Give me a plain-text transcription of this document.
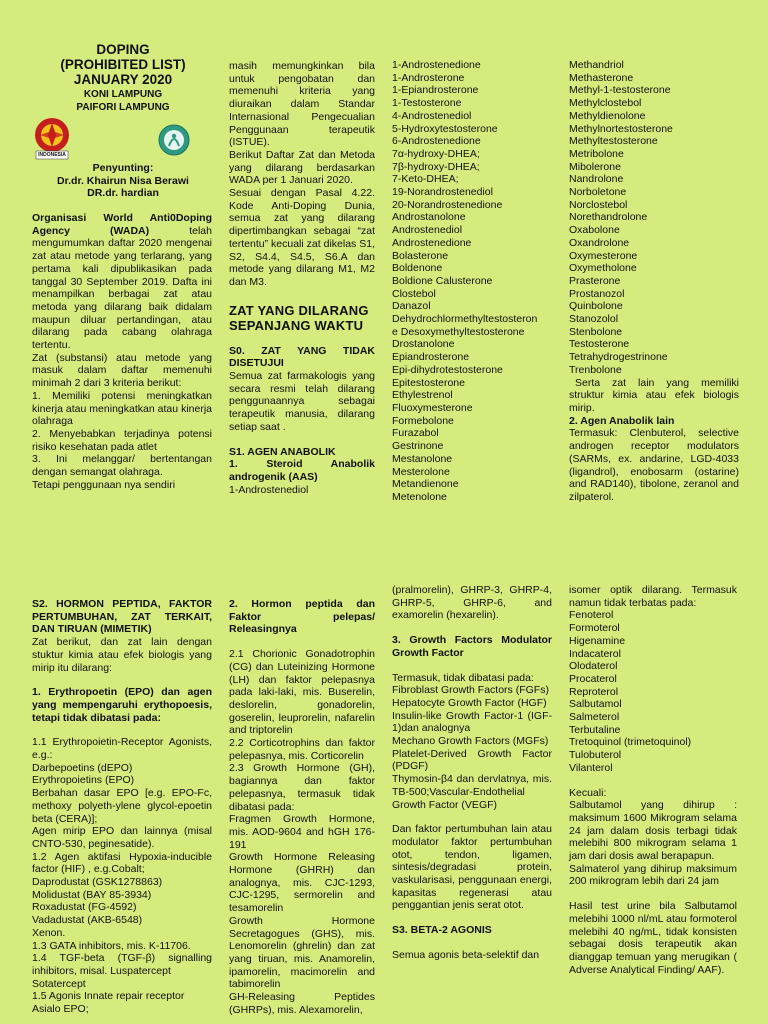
DOPING
(PROHIBITED LIST)
JANUARY 2020
KONI LAMPUNG
PAIFORI LAMPUNG
INDONESIA
Penyunting:
Dr.dr. Khairun Nisa Berawi
DR.dr. hardian

Organisasi World Anti0Doping Agency (WADA)	telah mengumumkan daftar 2020 mengenai zat atau metode yang terlarang, yang pertama kali dipublikasikan pada tanggal 30 September 2019. Dafta ini menampilkan berbagai zat atau metoda yang dilarang baik didalam maupun diluar pertandingan, atau dilarang pada cabang olahraga tertentu.

Zat (substansi) atau metode yang masuk dalam daftar memenuhi minimah 2 dari 3 kriteria berikut:

1. Memiliki potensi meningkatkan kinerja atau meningkatkan atau kinerja olahraga

2. Menyebabkan terjadinya potensi risiko kesehatan pada atlet

3. Ini melanggar/ bertentangan dengan semangat olahraga.

Tetapi penggunaan nya sendiri

masih memungkinkan bila untuk pengobatan dan memenuhi kriteria yang diuraikan dalam Standar Internasional Pengecualian Penggunaan terapeutik (ISTUE).

Berikut Daftar Zat dan Metoda yang dilarang berdasarkan WADA per 1 Januari 2020.

Sesuai dengan Pasal 4.22. Kode Anti-Doping Dunia, semua zat yang dilarang dipertimbangkan sebagai “zat tertentu” kecuali zat dikelas S1, S2, S4.4, S4.5, S6.A dan metode yang dilarang M1, M2 dan M3.

ZAT YANG DILARANG SEPANJANG WAKTU

S0. ZAT YANG TIDAK DISETUJUI

Semua zat farmakologis yang secara resmi telah dilarang penggunaannya sebagai terapeutik manusia, dilarang setiap saat .

S1. AGEN ANABOLIK

1. Steroid Anabolik androgenik (AAS)

1-Androstenediol

1-Androstenedione
1-Androsterone
1-Epiandrosterone
1-Testosterone
4-Androstenediol
5-Hydroxytestosterone
6-Androstenedione
7α-hydroxy-DHEA;
7β-hydroxy-DHEA;
7-Keto-DHEA;
19-Norandrostenediol
20-Norandrostenedione
Androstanolone
Androstenediol
Androstenedione
Bolasterone
Boldenone
Boldione Calusterone
Clostebol
Danazol
Dehydrochlormethyltestosteron
e Desoxymethyltestosterone
Drostanolone
Epiandrosterone
Epi-dihydrotestosterone
Epitestosterone
Ethylestrenol
Fluoxymesterone
Formebolone
Furazabol
Gestrinone
Mestanolone
Mesterolone
Metandienone
Metenolone
Methandriol
Methasterone
Methyl-1-testosterone
Methylclostebol
Methyldienolone
Methylnortestosterone
Methyltestosterone
Metribolone
Mibolerone
Nandrolone
Norboletone
Norclostebol
Norethandrolone
Oxabolone
Oxandrolone
Oxymesterone
Oxymetholone
Prasterone
Prostanozol
Quinbolone
Stanozolol
Stenbolone
Testosterone
Tetrahydrogestrinone
Trenbolone

Serta zat lain yang memiliki struktur kimia atau efek biologis mirip.

2. Agen Anabolik lain

Termasuk: Clenbuterol, selective androgen receptor modulators (SARMs, ex. andarine, LGD-4033 (ligandrol), enobosarm (ostarine) and RAD140), tibolone, zeranol and zilpaterol.

S2. HORMON PEPTIDA, FAKTOR PERTUMBUHAN, ZAT TERKAIT, DAN TIRUAN (MIMETIK)

Zat berikut, dan zat lain dengan stuktur kimia atau efek biologis yang mirip itu dilarang:

1. Erythropoetin (EPO) dan agen yang mempengaruhi erythopoesis, tetapi tidak dibatasi pada:

1.1 Erythropoietin-Receptor Agonists, e.g.:
Darbepoetins (dEPO)
Erythropoietins (EPO)
Berbahan dasar EPO [e.g. EPO-Fc, methoxy polyeth-ylene glycol-epoetin beta (CERA)];
Agen mirip EPO dan lainnya (misal CNTO-530, peginesatide).
1.2 Agen aktifasi Hypoxia-inducible factor (HIF) , e.g.Cobalt;
Daprodustat (GSK1278863)
Molidustat (BAY 85-3934)
Roxadustat (FG-4592)
Vadadustat (AKB-6548)
Xenon.
1.3 GATA inhibitors, mis. K-11706.
1.4 TGF-beta (TGF-β) signalling inhibitors, misal. Luspatercept
Sotatercept
1.5 Agonis Innate repair receptor
Asialo EPO;

2. Hormon peptida dan Faktor pelepas/ Releasingnya

2.1 Chorionic Gonadotrophin (CG) dan Luteinizing Hormone (LH) dan faktor pelepasnya pada laki-laki, mis. Buserelin, deslorelin, gonadorelin, goserelin, leuprorelin, nafarelin and triptorelin
2.2 Corticotrophins dan faktor pelepasnya, mis. Corticorelin
2.3 Growth Hormone (GH), bagiannya dan faktor pelepasnya, termasuk tidak dibatasi pada:
Fragmen Growth Hormone, mis. AOD-9604 and hGH 176-191
Growth Hormone Releasing Hormone (GHRH) dan analognya, mis. CJC-1293, CJC-1295, sermorelin and tesamorelin
Growth Hormone Secretagogues (GHS), mis. Lenomorelin (ghrelin) dan zat yang tiruan, mis. Anamorelin, ipamorelin, macimorelin and tabimorelin
GH-Releasing Peptides (GHRPs), mis. Alexamorelin,

(pralmorelin), GHRP-3, GHRP-4, GHRP-5, GHRP-6, and examorelin (hexarelin).

3. Growth Factors Modulator Growth Factor

Termasuk, tidak dibatasi pada:
Fibroblast Growth Factors (FGFs)
Hepatocyte Growth Factor (HGF)
Insulin-like Growth Factor-1 (IGF-1)dan analognya
Mechano Growth Factors (MGFs)
Platelet-Derived Growth Factor (PDGF)
Thymosin-β4 dan dervlatnya, mis. TB-500;Vascular-Endothelial Growth Factor (VEGF)

Dan faktor pertumbuhan lain atau modulator faktor pertumbuhan otot, tendon, ligamen, sintesis/degradasi protein, vaskularisasi, penggunaan energi, kapasitas regenerasi atau penggantian jenis serat otot.

S3. BETA-2 AGONIS

Semua agonis beta-selektif dan

isomer optik dilarang. Termasuk namun tidak terbatas pada:

Fenoterol
Formoterol
Higenamine
Indacaterol
Olodaterol
Procaterol
Reproterol
Salbutamol
Salmeterol
Terbutaline
Tretoquinol (trimetoquinol)
Tulobuterol
Vilanterol

Kecuali:

Salbutamol yang dihirup : maksimum 1600 Mikrogram selama 24 jam dalam dosis terbagi tidak melebihi 800 mikrogram selama 1 jam dari dosis awal berapapun.

Salmaterol yang dihirup maksimum 200 mikrogram lebih dari 24 jam

Hasil test urine bila Salbutamol melebihi 1000 nl/mL atau formoterol melebihi 40 ng/mL, tidak konsisten sebagai dosis terapeutik akan dianggap temuan yang merugikan ( Adverse Analytical Finding/ AAF).
